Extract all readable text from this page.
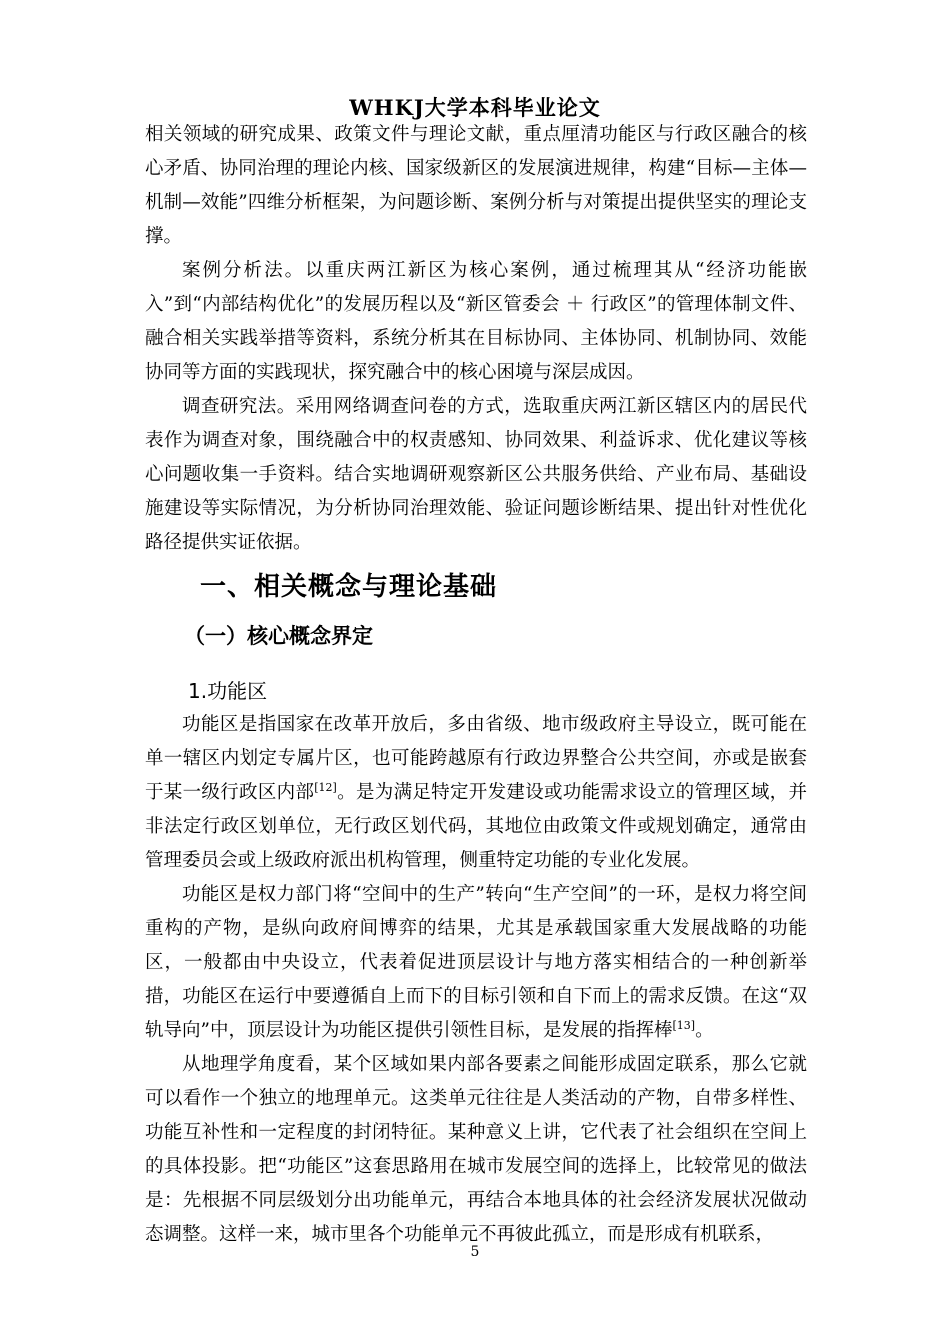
WHKJ大学本科毕业论文

相关领域的研究成果、政策文件与理论文献，重点厘清功能区与行政区融合的核心矛盾、协同治理的理论内核、国家级新区的发展演进规律，构建“目标—主体— 机制—效能”四维分析框架，为问题诊断、案例分析与对策提出提供坚实的理论支撑。

案例分析法。以重庆两江新区为核心案例，通过梳理其从“经济功能嵌入”到“内部结构优化”的发展历程以及“新区管委会 ＋ 行政区”的管理体制文件、融合相关实践举措等资料，系统分析其在目标协同、主体协同、机制协同、效能协同等方面的实践现状，探究融合中的核心困境与深层成因。

调查研究法。采用网络调查问卷的方式，选取重庆两江新区辖区内的居民代表作为调查对象，围绕融合中的权责感知、协同效果、利益诉求、优化建议等核心问题收集一手资料。结合实地调研观察新区公共服务供给、产业布局、基础设施建设等实际情况，为分析协同治理效能、验证问题诊断结果、提出针对性优化路径提供实证依据。

一、相关概念与理论基础
（一）核心概念界定
1.功能区

功能区是指国家在改革开放后，多由省级、地市级政府主导设立，既可能在单一辖区内划定专属片区，也可能跨越原有行政边界整合公共空间，亦或是嵌套于某一级行政区内部[12]。是为满足特定开发建设或功能需求设立的管理区域，并非法定行政区划单位，无行政区划代码，其地位由政策文件或规划确定，通常由管理委员会或上级政府派出机构管理，侧重特定功能的专业化发展。

功能区是权力部门将“空间中的生产”转向“生产空间”的一环，是权力将空间重构的产物，是纵向政府间博弈的结果，尤其是承载国家重大发展战略的功能区，一般都由中央设立，代表着促进顶层设计与地方落实相结合的一种创新举措，功能区在运行中要遵循自上而下的目标引领和自下而上的需求反馈。在这“双轨导向”中，顶层设计为功能区提供引领性目标，是发展的指挥棒[13]。

从地理学角度看，某个区域如果内部各要素之间能形成固定联系，那么它就可以看作一个独立的地理单元。这类单元往往是人类活动的产物，自带多样性、功能互补性和一定程度的封闭特征。某种意义上讲，它代表了社会组织在空间上的具体投影。把“功能区”这套思路用在城市发展空间的选择上，比较常见的做法是：先根据不同层级划分出功能单元，再结合本地具体的社会经济发展状况做动态调整。这样一来，城市里各个功能单元不再彼此孤立，而是形成有机联系，

5
